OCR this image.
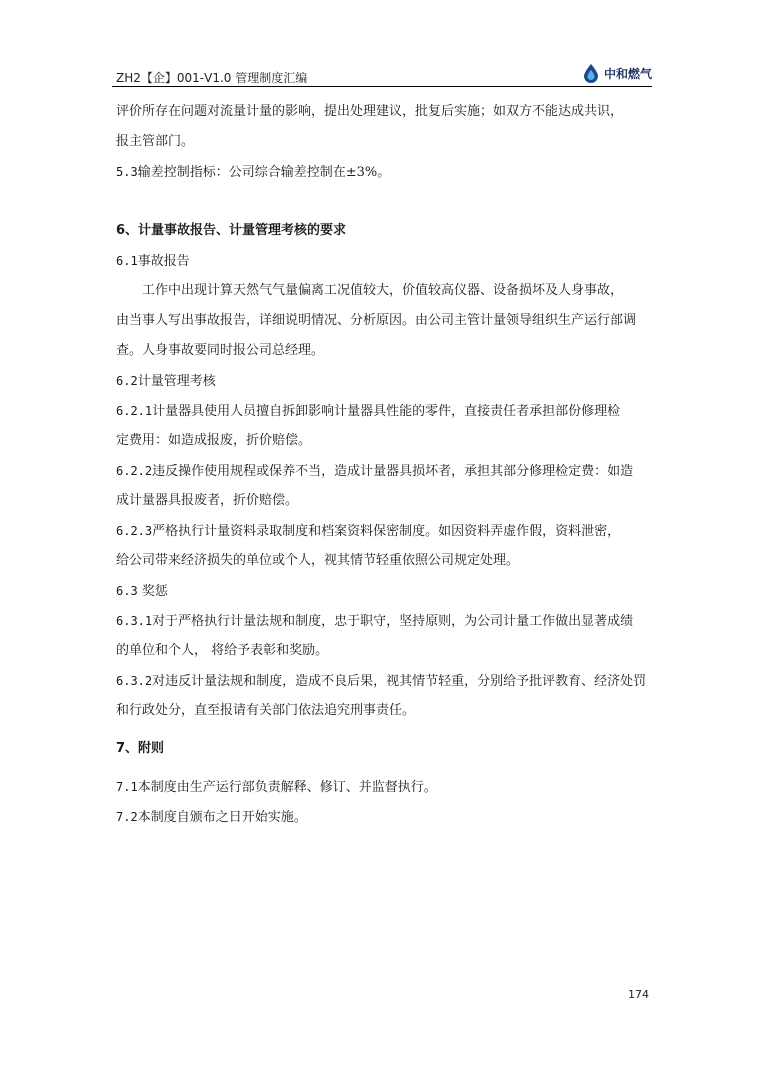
ZH2【企】001-V1.0 管理制度汇编	中和燃气
评价所存在问题对流量计量的影响，提出处理建议，批复后实施；如双方不能达成共识，
报主管部门。
5.3输差控制指标：公司综合输差控制在±3%。
6、计量事故报告、计量管理考核的要求
6.1事故报告
工作中出现计算天然气气量偏离工况值较大，价值较高仪器、设备损坏及人身事故，
由当事人写出事故报告，详细说明情况、分析原因。由公司主管计量领导组织生产运行部调
查。人身事故要同时报公司总经理。
6.2计量管理考核
6.2.1计量器具使用人员擅自拆卸影响计量器具性能的零件，直接责任者承担部份修理检
定费用：如造成报废，折价赔偿。
6.2.2违反操作使用规程或保养不当，造成计量器具损坏者，承担其部分修理检定费：如造
成计量器具报废者，折价赔偿。
6.2.3严格执行计量资料录取制度和档案资料保密制度。如因资料弄虚作假，资料泄密，
给公司带来经济损失的单位或个人，视其情节轻重依照公司规定处理。
6.3 奖惩
6.3.1对于严格执行计量法规和制度，忠于职守，坚持原则，为公司计量工作做出显著成绩
的单位和个人， 将给予表彰和奖励。
6.3.2对违反计量法规和制度，造成不良后果，视其情节轻重，分别给予批评教育、经济处罚
和行政处分，直至报请有关部门依法追究刑事责任。
7、附则
7.1本制度由生产运行部负责解释、修订、并监督执行。
7.2本制度自颁布之日开始实施。
174
